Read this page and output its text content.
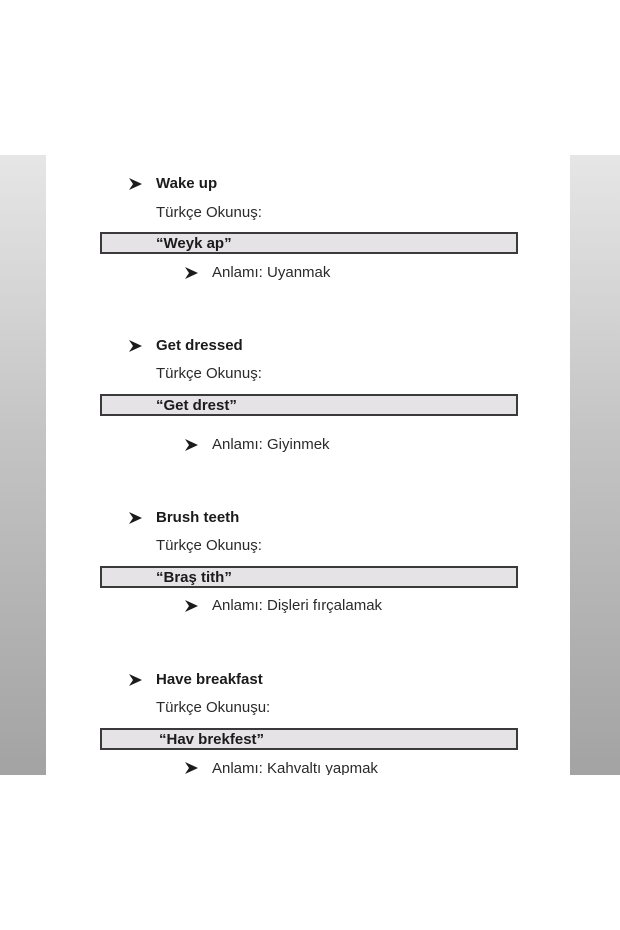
Wake up
Türkçe Okunuş:
“Weyk ap”
Anlamı: Uyanmak
Get dressed
Türkçe Okunuş:
“Get drest”
Anlamı: Giyinmek
Brush teeth
Türkçe Okunuş:
“Braş tith”
Anlamı: Dişleri fırçalamak
Have breakfast
Türkçe Okunuşu:
“Hav brekfest”
Anlamı: Kahvaltı yapmak
